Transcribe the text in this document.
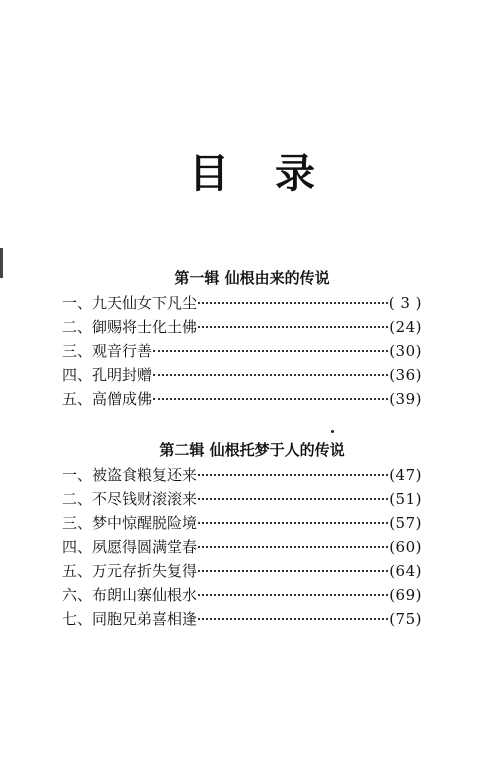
目 录
第一辑 仙根由来的传说
一、九天仙女下凡尘	( 3 )
二、御赐将士化土佛	(24)
三、观音行善	(30)
四、孔明封赠	(36)
五、高僧成佛	(39)
第二辑 仙根托梦于人的传说
一、被盗食粮复还来	(47)
二、不尽钱财滚滚来	(51)
三、梦中惊醒脱险境	(57)
四、夙愿得圆满堂春	(60)
五、万元存折失复得	(64)
六、布朗山寨仙根水	(69)
七、同胞兄弟喜相逢	(75)
